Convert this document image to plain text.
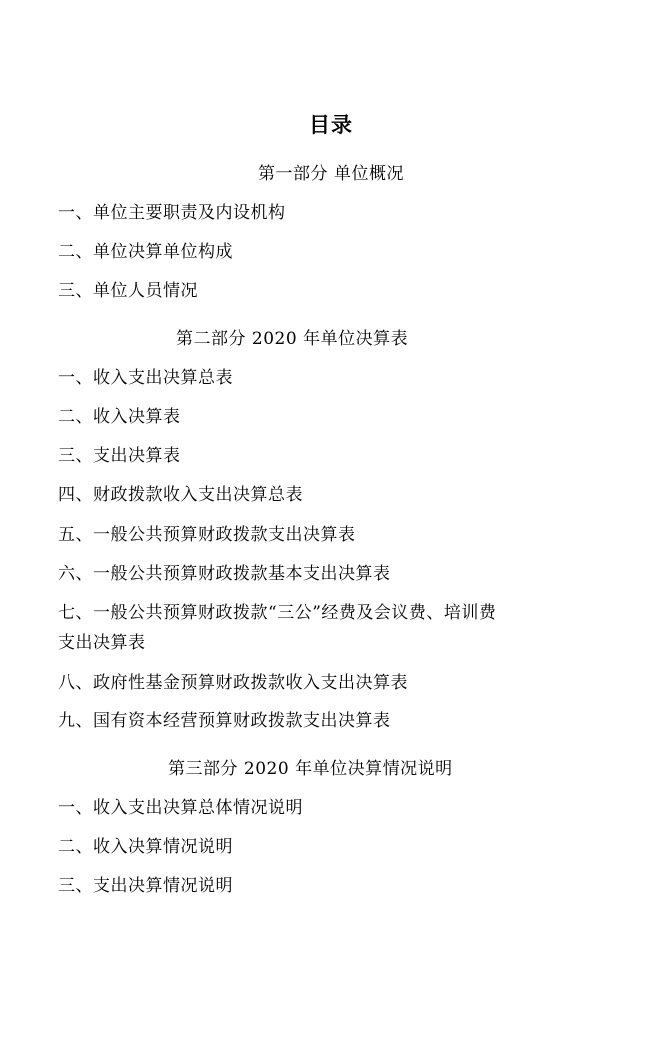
目录
第一部分 单位概况
一、单位主要职责及内设机构
二、单位决算单位构成
三、单位人员情况
第二部分 2020 年单位决算表
一、收入支出决算总表
二、收入决算表
三、支出决算表
四、财政拨款收入支出决算总表
五、一般公共预算财政拨款支出决算表
六、一般公共预算财政拨款基本支出决算表
七、一般公共预算财政拨款“三公”经费及会议费、培训费
支出决算表
八、政府性基金预算财政拨款收入支出决算表
九、国有资本经营预算财政拨款支出决算表
第三部分 2020 年单位决算情况说明
一、收入支出决算总体情况说明
二、收入决算情况说明
三、支出决算情况说明
